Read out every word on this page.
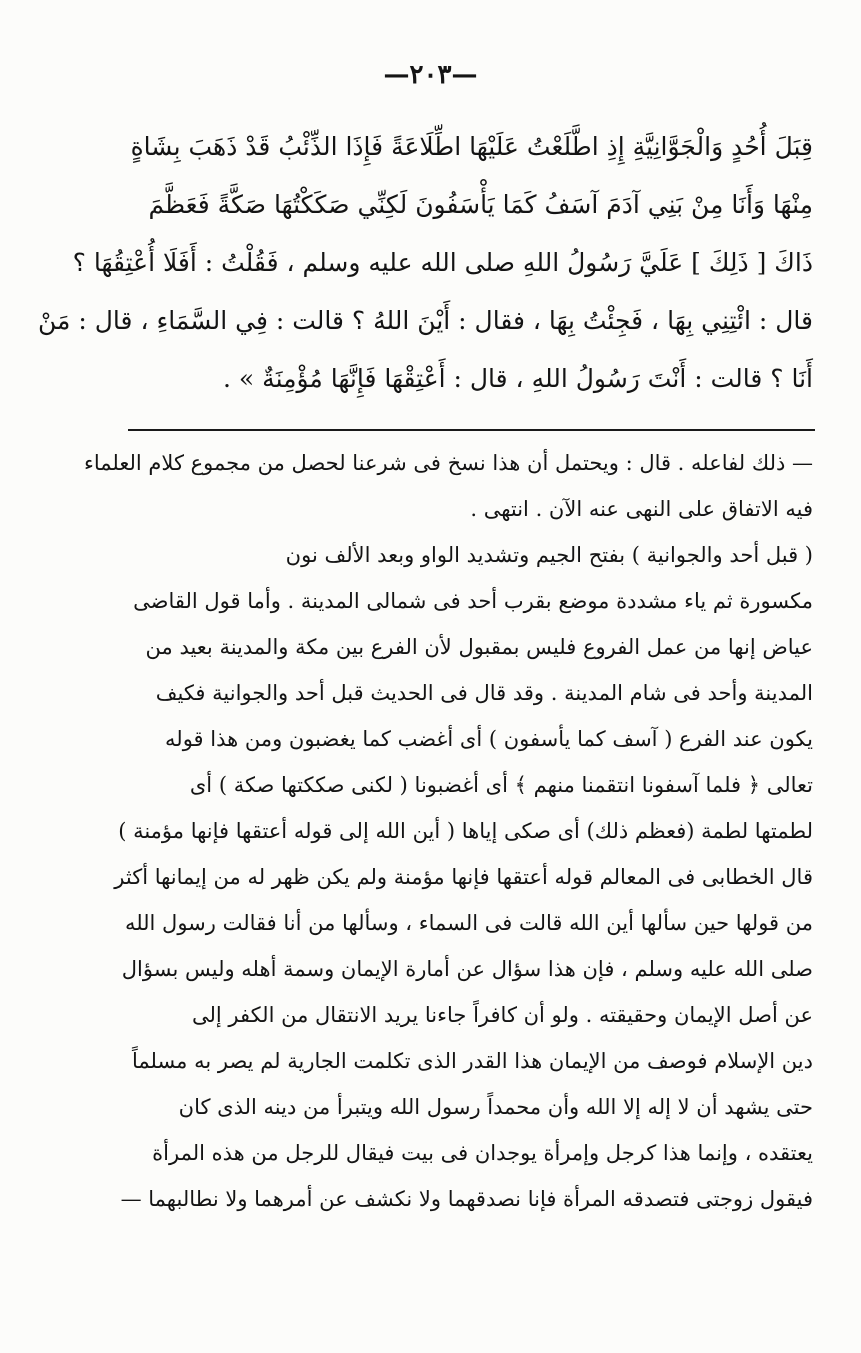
—٢٠٣—
قِبَلَ أُحُدٍ وَالْجَوَّانِيَّةِ إِذِ اطَّلَعْتُ عَلَيْهَا اطِّلَاعَةً فَإِذَا الذِّئْبُ قَدْ ذَهَبَ بِشَاةٍ
مِنْهَا وَأَنَا مِنْ بَنِي آدَمَ آسَفُ كَمَا يَأْسَفُونَ لَكِنِّي صَكَكْتُهَا صَكَّةً فَعَظَّمَ
ذَاكَ [ ذَلِكَ ] عَلَيَّ رَسُولُ اللهِ صلى الله عليه وسلم ، فَقُلْتُ : أَفَلَا أُعْتِقُهَا ؟
قال : ائْتِنِي بِهَا ، فَجِئْتُ بِهَا ، فقال : أَيْنَ اللهُ ؟ قالت : فِي السَّمَاءِ ، قال : مَنْ
أَنَا ؟ قالت : أَنْتَ رَسُولُ اللهِ ، قال : أَعْتِقْهَا فَإِنَّهَا مُؤْمِنَةٌ » .
— ذلك لفاعله . قال : ويحتمل أن هذا نسخ فى شرعنا لحصل من مجموع كلام العلماء
فيه الاتفاق على النهى عنه الآن . انتهى .
( قبل أحد والجوانية ) بفتح الجيم وتشديد الواو وبعد الألف نون
مكسورة ثم ياء مشددة موضع بقرب أحد فى شمالى المدينة . وأما قول القاضى
عياض إنها من عمل الفروع فليس بمقبول لأن الفرع بين مكة والمدينة بعيد من
المدينة وأحد فى شام المدينة . وقد قال فى الحديث قبل أحد والجوانية فكيف
يكون عند الفرع ( آسف كما يأسفون ) أى أغضب كما يغضبون ومن هذا قوله
تعالى ﴿ فلما آسفونا انتقمنا منهم ﴾ أى أغضبونا ( لكنى صككتها صكة ) أى
لطمتها لطمة (فعظم ذلك) أى صكى إياها ( أين الله إلى قوله أعتقها فإنها مؤمنة )
قال الخطابى فى المعالم قوله أعتقها فإنها مؤمنة ولم يكن ظهر له من إيمانها أكثر
من قولها حين سألها أين الله قالت فى السماء ، وسألها من أنا فقالت رسول الله
صلى الله عليه وسلم ، فإن هذا سؤال عن أمارة الإيمان وسمة أهله وليس بسؤال
عن أصل الإيمان وحقيقته . ولو أن كافراً جاءنا يريد الانتقال من الكفر إلى
دين الإسلام فوصف من الإيمان هذا القدر الذى تكلمت الجارية لم يصر به مسلماً
حتى يشهد أن لا إله إلا الله وأن محمداً رسول الله ويتبرأ من دينه الذى كان
يعتقده ، وإنما هذا كرجل وإمرأة يوجدان فى بيت فيقال للرجل من هذه المرأة
فيقول زوجتى فتصدقه المرأة فإنا نصدقهما ولا نكشف عن أمرهما ولا نطالبهما —
